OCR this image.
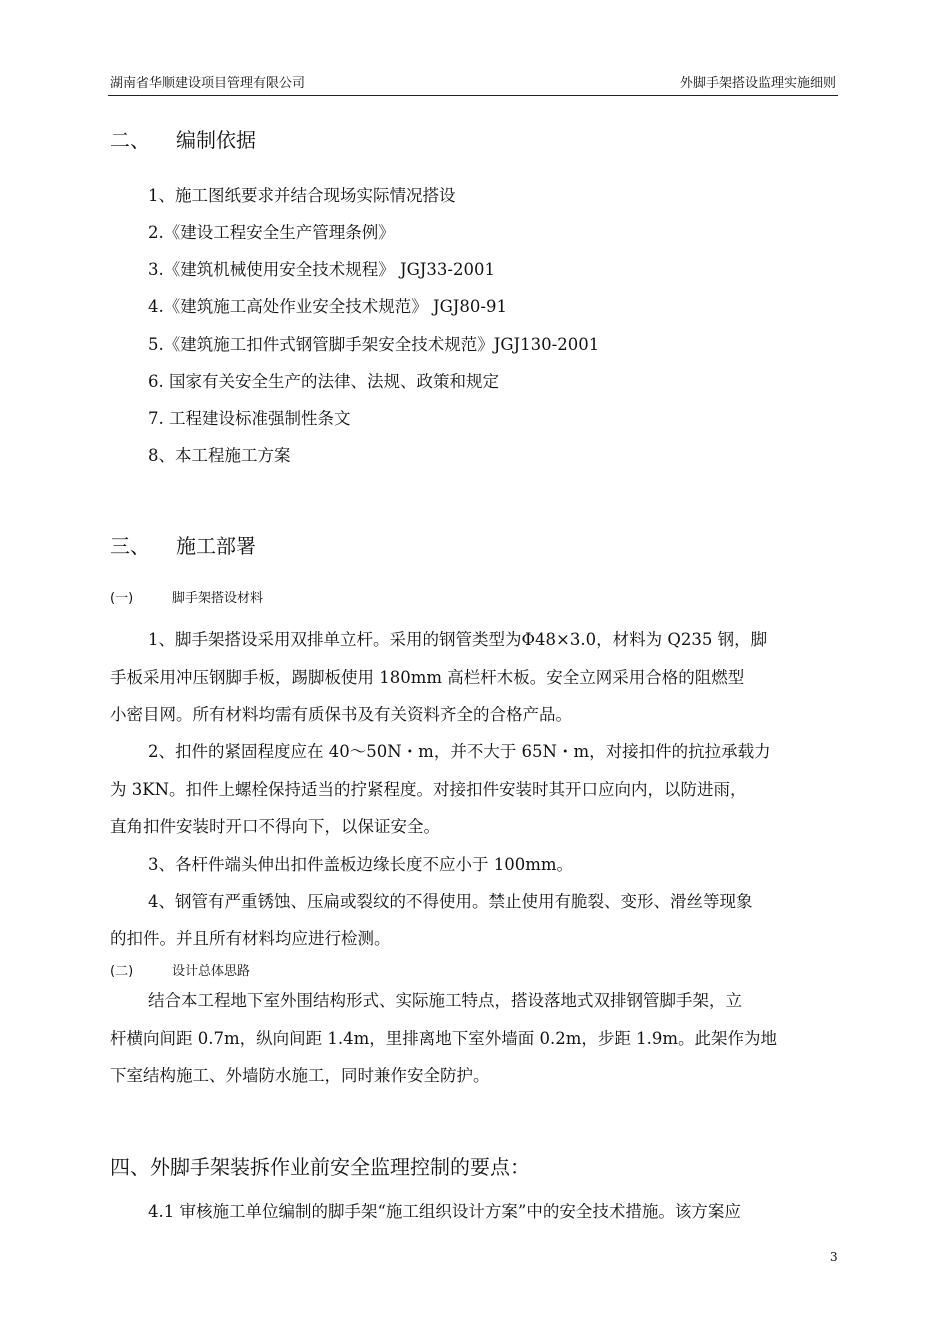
湖南省华顺建设项目管理有限公司	外脚手架搭设监理实施细则
二、 编制依据
1、施工图纸要求并结合现场实际情况搭设
2.《建设工程安全生产管理条例》
3.《建筑机械使用安全技术规程》 JGJ33-2001
4.《建筑施工高处作业安全技术规范》 JGJ80-91
5.《建筑施工扣件式钢管脚手架安全技术规范》JGJ130-2001
6. 国家有关安全生产的法律、法规、政策和规定
7. 工程建设标准强制性条文
8、本工程施工方案
三、 施工部署
(一)	脚手架搭设材料
1、脚手架搭设采用双排单立杆。采用的钢管类型为Φ48×3.0，材料为 Q235 钢，脚
手板采用冲压钢脚手板，踢脚板使用 180mm 高栏杆木板。安全立网采用合格的阻燃型
小密目网。所有材料均需有质保书及有关资料齐全的合格产品。
2、扣件的紧固程度应在 40～50N・m，并不大于 65N・m，对接扣件的抗拉承载力
为 3KN。扣件上螺栓保持适当的拧紧程度。对接扣件安装时其开口应向内，以防进雨，
直角扣件安装时开口不得向下，以保证安全。
3、各杆件端头伸出扣件盖板边缘长度不应小于 100mm。
4、钢管有严重锈蚀、压扁或裂纹的不得使用。禁止使用有脆裂、变形、滑丝等现象
的扣件。并且所有材料均应进行检测。
(二)	设计总体思路
结合本工程地下室外围结构形式、实际施工特点，搭设落地式双排钢管脚手架，立
杆横向间距 0.7m，纵向间距 1.4m，里排离地下室外墙面 0.2m，步距 1.9m。此架作为地
下室结构施工、外墙防水施工，同时兼作安全防护。
四、外脚手架装拆作业前安全监理控制的要点：
4.1 审核施工单位编制的脚手架“施工组织设计方案”中的安全技术措施。该方案应
3
